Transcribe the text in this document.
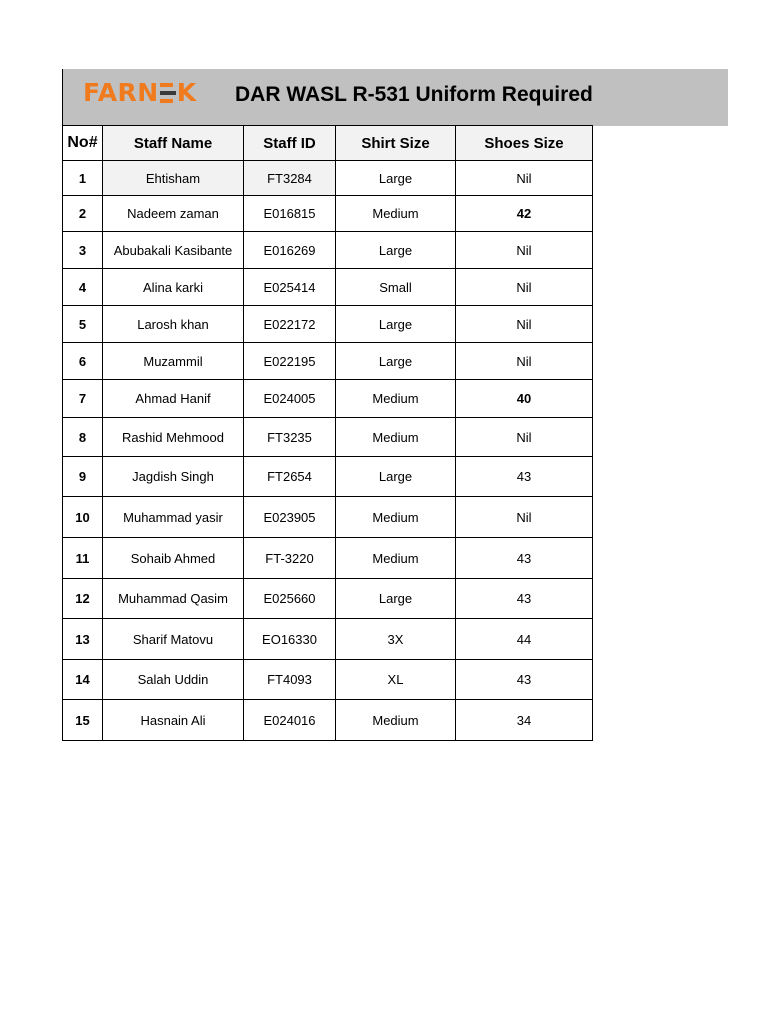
FARN K DAR WASL R-531 Uniform Required
No#	Staff Name	Staff ID	Shirt Size	Shoes Size
1	Ehtisham	FT3284	Large	Nil
2	Nadeem zaman	E016815	Medium	42
3	Abubakali Kasibante	E016269	Large	Nil
4	Alina karki	E025414	Small	Nil
5	Larosh khan	E022172	Large	Nil
6	Muzammil	E022195	Large	Nil
7	Ahmad Hanif	E024005	Medium	40
8	Rashid Mehmood	FT3235	Medium	Nil
9	Jagdish Singh	FT2654	Large	43
10	Muhammad yasir	E023905	Medium	Nil
11	Sohaib Ahmed	FT-3220	Medium	43
12	Muhammad Qasim	E025660	Large	43
13	Sharif Matovu	EO16330	3X	44
14	Salah Uddin	FT4093	XL	43
15	Hasnain Ali	E024016	Medium	34
